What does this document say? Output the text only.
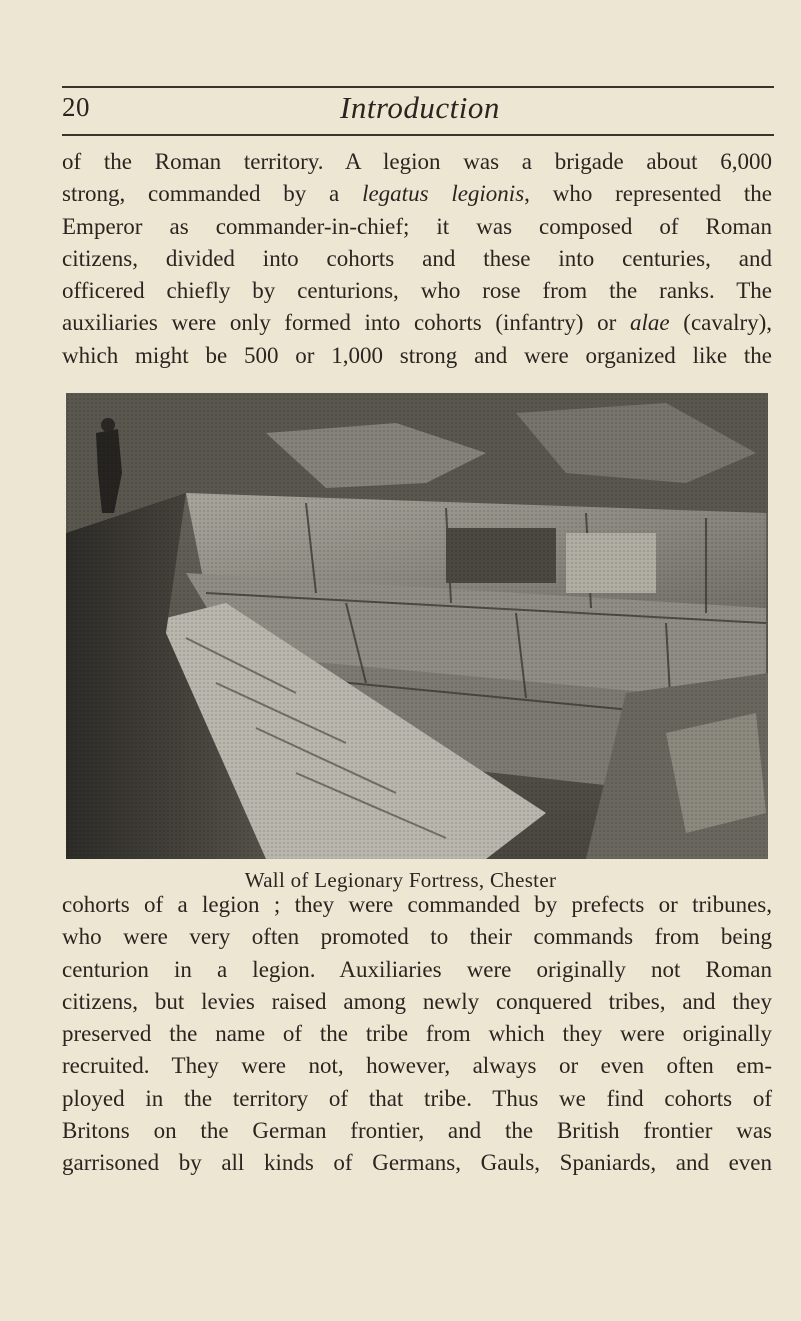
20	Introduction
of the Roman territory. A legion was a brigade about 6,000
strong, commanded by a legatus legionis, who represented the
Emperor as commander-in-chief; it was composed of Roman
citizens, divided into cohorts and these into centuries, and
officered chiefly by centurions, who rose from the ranks. The
auxiliaries were only formed into cohorts (infantry) or alae (cavalry),
which might be 500 or 1,000 strong and were organized like the
Wall of Legionary Fortress, Chester
cohorts of a legion ; they were commanded by prefects or tribunes,
who were very often promoted to their commands from being
centurion in a legion. Auxiliaries were originally not Roman
citizens, but levies raised among newly conquered tribes, and they
preserved the name of the tribe from which they were originally
recruited. They were not, however, always or even often em-
ployed in the territory of that tribe. Thus we find cohorts of
Britons on the German frontier, and the British frontier was
garrisoned by all kinds of Germans, Gauls, Spaniards, and even
